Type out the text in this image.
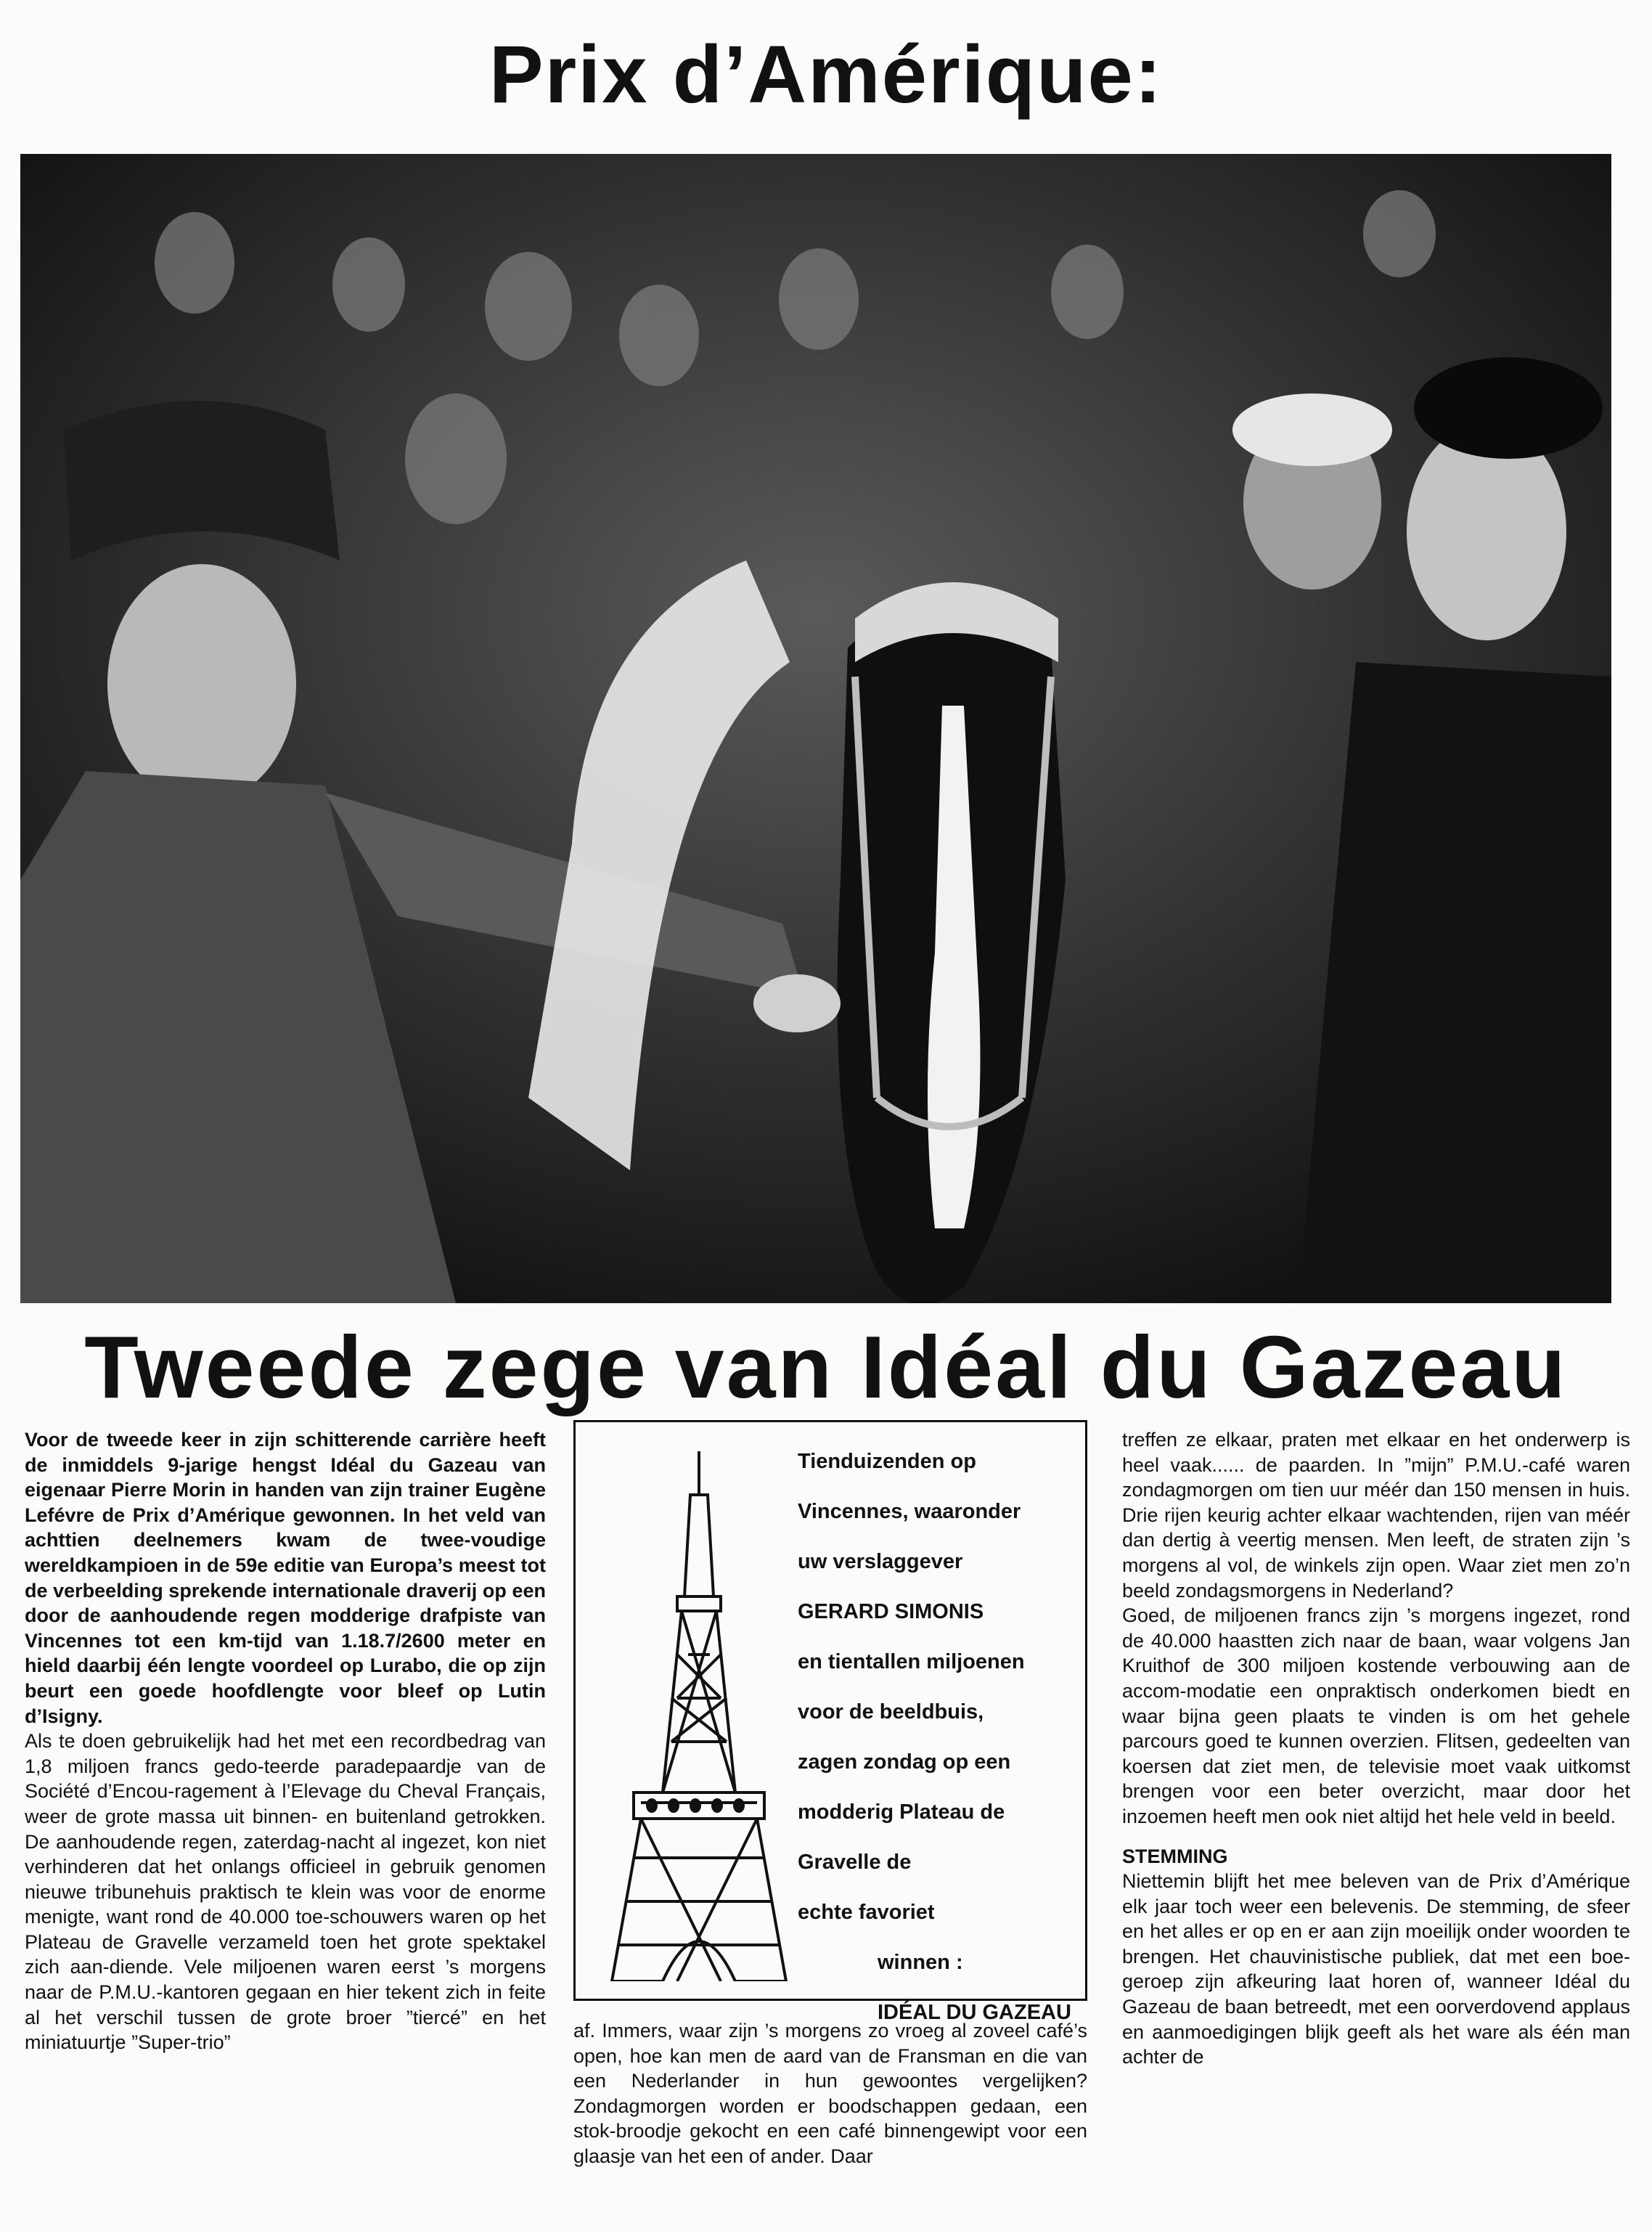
Prix d’Amérique:
Tweede zege van Idéal du Gazeau

Voor de tweede keer in zijn schitterende carrière heeft de inmiddels 9-jarige hengst Idéal du Gazeau van eigenaar Pierre Morin in handen van zijn trainer Eugène Lefévre de Prix d’Amérique gewonnen. In het veld van achttien deelnemers kwam de twee-voudige wereldkampioen in de 59e editie van Europa’s meest tot de verbeelding sprekende internationale draverij op een door de aanhoudende regen modderige drafpiste van Vincennes tot een km-tijd van 1.18.7/2600 meter en hield daarbij één lengte voordeel op Lurabo, die op zijn beurt een goede hoofdlengte voor bleef op Lutin d’Isigny.

Als te doen gebruikelijk had het met een recordbedrag van 1,8 miljoen francs gedo-teerde paradepaardje van de Société d’Encou-ragement à l’Elevage du Cheval Français, weer de grote massa uit binnen- en buitenland getrokken. De aanhoudende regen, zaterdag-nacht al ingezet, kon niet verhinderen dat het onlangs officieel in gebruik genomen nieuwe tribunehuis praktisch te klein was voor de enorme menigte, want rond de 40.000 toe-schouwers waren op het Plateau de Gravelle verzameld toen het grote spektakel zich aan-diende. Vele miljoenen waren eerst ’s morgens naar de P.M.U.-kantoren gegaan en hier tekent zich in feite al het verschil tussen de grote broer ”tiercé” en het miniatuurtje ”Super-trio”

Tienduizenden op
Vincennes, waaronder
uw verslaggever
GERARD SIMONIS
en tientallen miljoenen
voor de beeldbuis,
zagen zondag op een
modderig Plateau de
Gravelle de
echte favoriet
winnen :
IDÉAL DU GAZEAU

af. Immers, waar zijn ’s morgens zo vroeg al zoveel café’s open, hoe kan men de aard van de Fransman en die van een Nederlander in hun gewoontes vergelijken? Zondagmorgen worden er boodschappen gedaan, een stok-broodje gekocht en een café binnengewipt voor een glaasje van het een of ander. Daar

treffen ze elkaar, praten met elkaar en het onderwerp is heel vaak...... de paarden. In ”mijn” P.M.U.-café waren zondagmorgen om tien uur méér dan 150 mensen in huis. Drie rijen keurig achter elkaar wachtenden, rijen van méér dan dertig à veertig mensen. Men leeft, de straten zijn ’s morgens al vol, de winkels zijn open. Waar ziet men zo’n beeld zondagsmorgens in Nederland?

Goed, de miljoenen francs zijn ’s morgens ingezet, rond de 40.000 haastten zich naar de baan, waar volgens Jan Kruithof de 300 miljoen kostende verbouwing aan de accom-modatie een onpraktisch onderkomen biedt en waar bijna geen plaats te vinden is om het gehele parcours goed te kunnen overzien. Flitsen, gedeelten van koersen dat ziet men, de televisie moet vaak uitkomst brengen voor een beter overzicht, maar door het inzoemen heeft men ook niet altijd het hele veld in beeld.

STEMMING

Niettemin blijft het mee beleven van de Prix d’Amérique elk jaar toch weer een belevenis. De stemming, de sfeer en het alles er op en er aan zijn moeilijk onder woorden te brengen. Het chauvinistische publiek, dat met een boe-geroep zijn afkeuring laat horen of, wanneer Idéal du Gazeau de baan betreedt, met een oorverdovend applaus en aanmoedigingen blijk geeft als het ware als één man achter de
